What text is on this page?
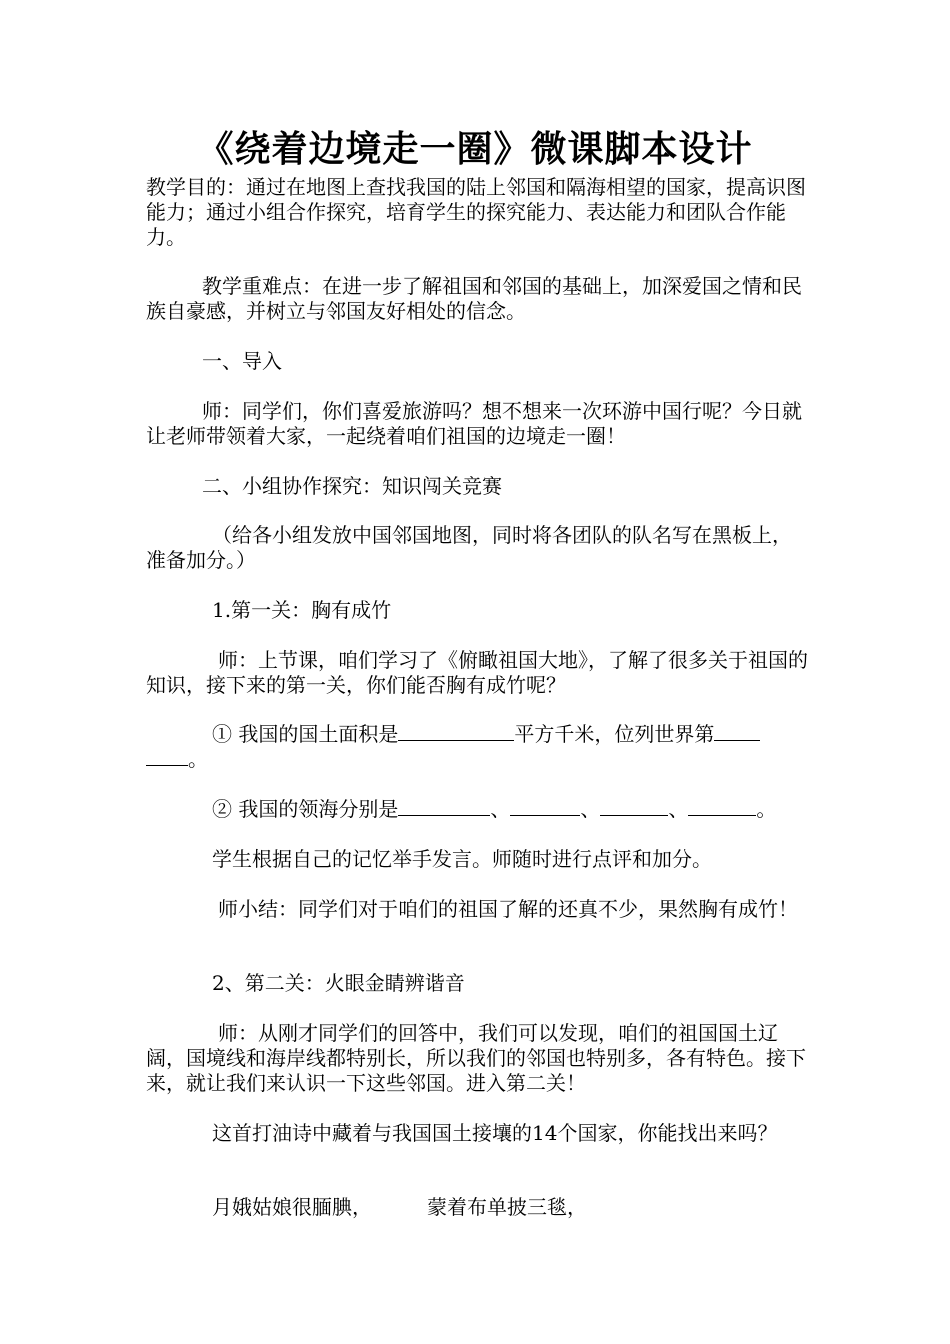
《绕着边境走一圈》微课脚本设计

教学目的：通过在地图上查找我国的陆上邻国和隔海相望的国家，提高识图能力；通过小组合作探究，培育学生的探究能力、表达能力和团队合作能力。

教学重难点：在进一步了解祖国和邻国的基础上，加深爱国之情和民族自豪感，并树立与邻国友好相处的信念。

一、导入

师：同学们，你们喜爱旅游吗？想不想来一次环游中国行呢？今日就让老师带领着大家，一起绕着咱们祖国的边境走一圈！

二、小组协作探究：知识闯关竞赛

（给各小组发放中国邻国地图，同时将各团队的队名写在黑板上，准备加分。）

1.第一关：胸有成竹

师：上节课，咱们学习了《俯瞰祖国大地》，了解了很多关于祖国的知识，接下来的第一关，你们能否胸有成竹呢？

① 我国的国土面积是	平方千米，位列世界第

。

② 我国的领海分别是	、	、	、	。

学生根据自己的记忆举手发言。师随时进行点评和加分。

师小结：同学们对于咱们的祖国了解的还真不少，果然胸有成竹！

2、第二关：火眼金睛辨谐音

师：从刚才同学们的回答中，我们可以发现，咱们的祖国国土辽阔，国境线和海岸线都特别长，所以我们的邻国也特别多，各有特色。接下来，就让我们来认识一下这些邻国。进入第二关！

这首打油诗中藏着与我国国土接壤的14个国家，你能找出来吗？

月娥姑娘很腼腆，	蒙着布单披三毯，
